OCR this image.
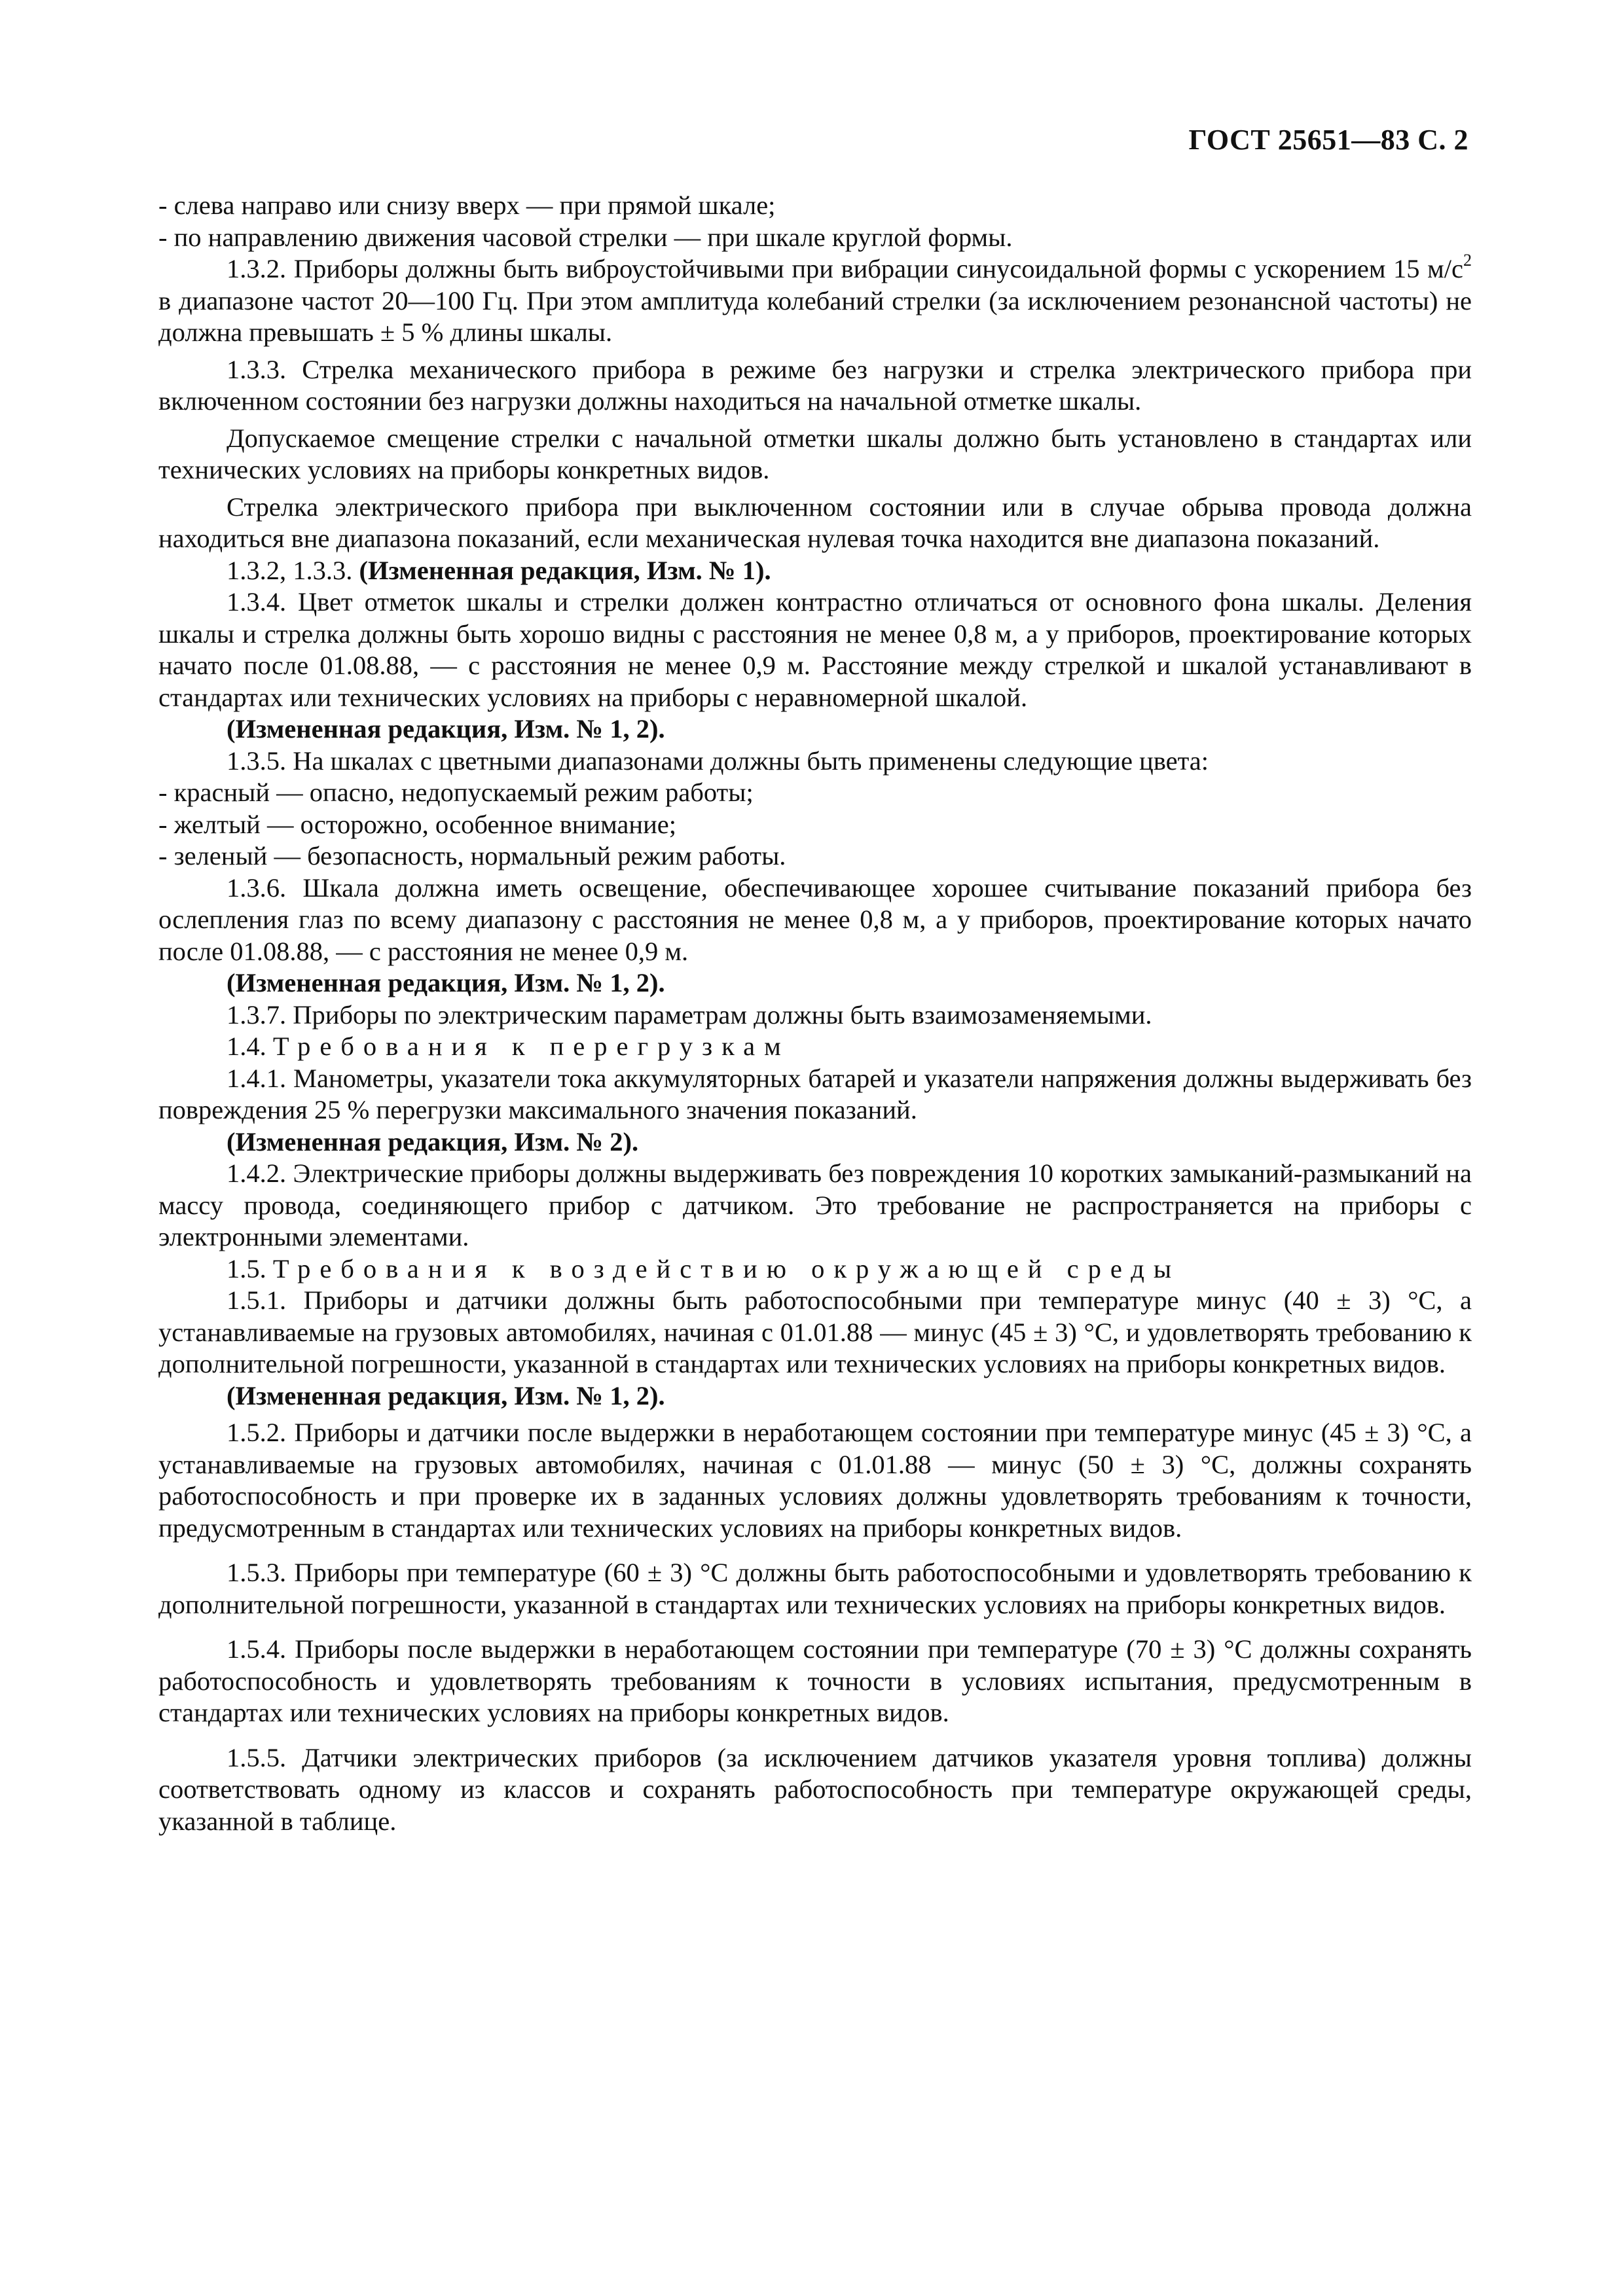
ГОСТ 25651—83 С. 2

- слева направо или снизу вверх — при прямой шкале;

- по направлению движения часовой стрелки — при шкале круглой формы.

1.3.2. Приборы должны быть виброустойчивыми при вибрации синусоидальной формы с ускорением 15 $м/с^2$ в диапазоне частот 20—100 Гц. При этом амплитуда колебаний стрелки (за исключением резонансной частоты) не должна превышать ± 5 % длины шкалы.

1.3.3. Стрелка механического прибора в режиме без нагрузки и стрелка электрического прибора при включенном состоянии без нагрузки должны находиться на начальной отметке шкалы.

Допускаемое смещение стрелки с начальной отметки шкалы должно быть установлено в стандартах или технических условиях на приборы конкретных видов.

Стрелка электрического прибора при выключенном состоянии или в случае обрыва провода должна находиться вне диапазона показаний, если механическая нулевая точка находится вне диапазона показаний.

1.3.2, 1.3.3. (Измененная редакция, Изм. № 1).

1.3.4. Цвет отметок шкалы и стрелки должен контрастно отличаться от основного фона шкалы. Деления шкалы и стрелка должны быть хорошо видны с расстояния не менее 0,8 м, а у приборов, проектирование которых начато после 01.08.88, — с расстояния не менее 0,9 м. Расстояние между стрелкой и шкалой устанавливают в стандартах или технических условиях на приборы с неравномерной шкалой.

(Измененная редакция, Изм. № 1, 2).

1.3.5. На шкалах с цветными диапазонами должны быть применены следующие цвета:

- красный — опасно, недопускаемый режим работы;

- желтый — осторожно, особенное внимание;

- зеленый — безопасность, нормальный режим работы.

1.3.6. Шкала должна иметь освещение, обеспечивающее хорошее считывание показаний прибора без ослепления глаз по всему диапазону с расстояния не менее 0,8 м, а у приборов, проектирование которых начато после 01.08.88, — с расстояния не менее 0,9 м.

(Измененная редакция, Изм. № 1, 2).

1.3.7. Приборы по электрическим параметрам должны быть взаимозаменяемыми.

1.4. Требования к перегрузкам

1.4.1. Манометры, указатели тока аккумуляторных батарей и указатели напряжения должны выдерживать без повреждения 25 % перегрузки максимального значения показаний.

(Измененная редакция, Изм. № 2).

1.4.2. Электрические приборы должны выдерживать без повреждения 10 коротких замыканий-размыканий на массу провода, соединяющего прибор с датчиком. Это требование не распространяется на приборы с электронными элементами.

1.5. Требования к воздействию окружающей среды

1.5.1. Приборы и датчики должны быть работоспособными при температуре минус (40 ± 3) °С, а устанавливаемые на грузовых автомобилях, начиная с 01.01.88 — минус (45 ± 3) °С, и удовлетворять требованию к дополнительной погрешности, указанной в стандартах или технических условиях на приборы конкретных видов.

(Измененная редакция, Изм. № 1, 2).

1.5.2. Приборы и датчики после выдержки в неработающем состоянии при температуре минус (45 ± 3) °С, а устанавливаемые на грузовых автомобилях, начиная с 01.01.88 — минус (50 ± 3) °С, должны сохранять работоспособность и при проверке их в заданных условиях должны удовлетворять требованиям к точности, предусмотренным в стандартах или технических условиях на приборы конкретных видов.

1.5.3. Приборы при температуре (60 ± 3) °С должны быть работоспособными и удовлетворять требованию к дополнительной погрешности, указанной в стандартах или технических условиях на приборы конкретных видов.

1.5.4. Приборы после выдержки в неработающем состоянии при температуре (70 ± 3) °С должны сохранять работоспособность и удовлетворять требованиям к точности в условиях испытания, предусмотренным в стандартах или технических условиях на приборы конкретных видов.

1.5.5. Датчики электрических приборов (за исключением датчиков указателя уровня топлива) должны соответствовать одному из классов и сохранять работоспособность при температуре окружающей среды, указанной в таблице.
